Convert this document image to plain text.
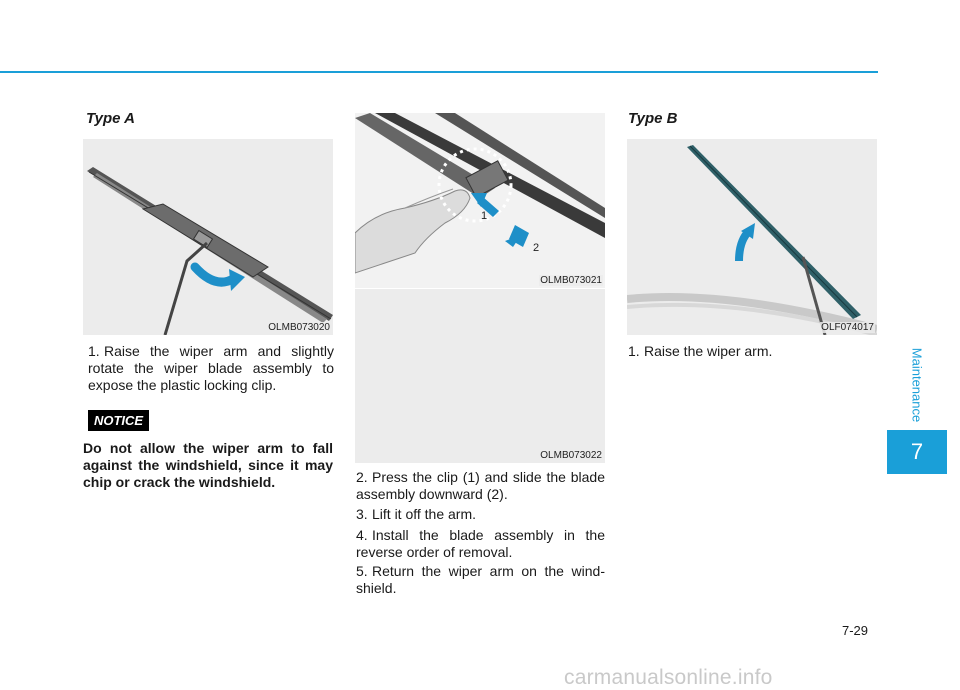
Maintenance
7
Type A
OLMB073020
1. Raise the wiper arm and slightly rotate the wiper blade assembly to expose the plastic locking clip.
NOTICE
Do not allow the wiper arm to fall against the windshield, since it may chip or crack the windshield.
1
2
OLMB073021
OLMB073022
2. Press the clip (1) and slide the blade assembly downward (2).
3. Lift it off the arm.
4. Install the blade assembly in the reverse order of removal.
5. Return the wiper arm on the wind-shield.
Type B
OLF074017
1. Raise the wiper arm.
7-29
carmanualsonline.info
